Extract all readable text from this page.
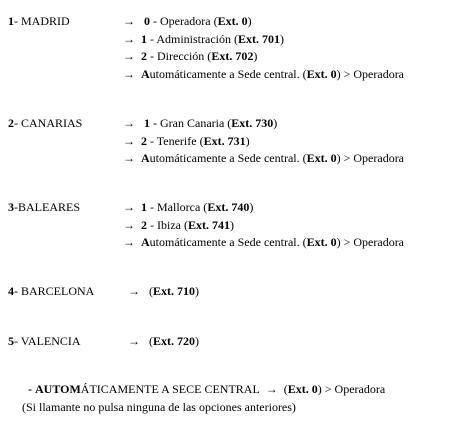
1- MADRID	→ 0 - Operadora (Ext. 0)
→ 1 - Administración (Ext. 701)
→ 2 - Dirección (Ext. 702)
→ Automáticamente a Sede central. (Ext. 0) > Operadora
2- CANARIAS	→ 1 - Gran Canaria (Ext. 730)
→ 2 - Tenerife (Ext. 731)
→ Automáticamente a Sede central. (Ext. 0) > Operadora
3-BALEARES	→ 1 - Mallorca (Ext. 740)
→ 2 - Ibiza (Ext. 741)
→ Automáticamente a Sede central. (Ext. 0) > Operadora
4- BARCELONA	→ (Ext. 710)
5- VALENCIA	→ (Ext. 720)
- AUTOMÁTICAMENTE A SECE CENTRAL → (Ext. 0) > Operadora
(Si llamante no pulsa ninguna de las opciones anteriores)
